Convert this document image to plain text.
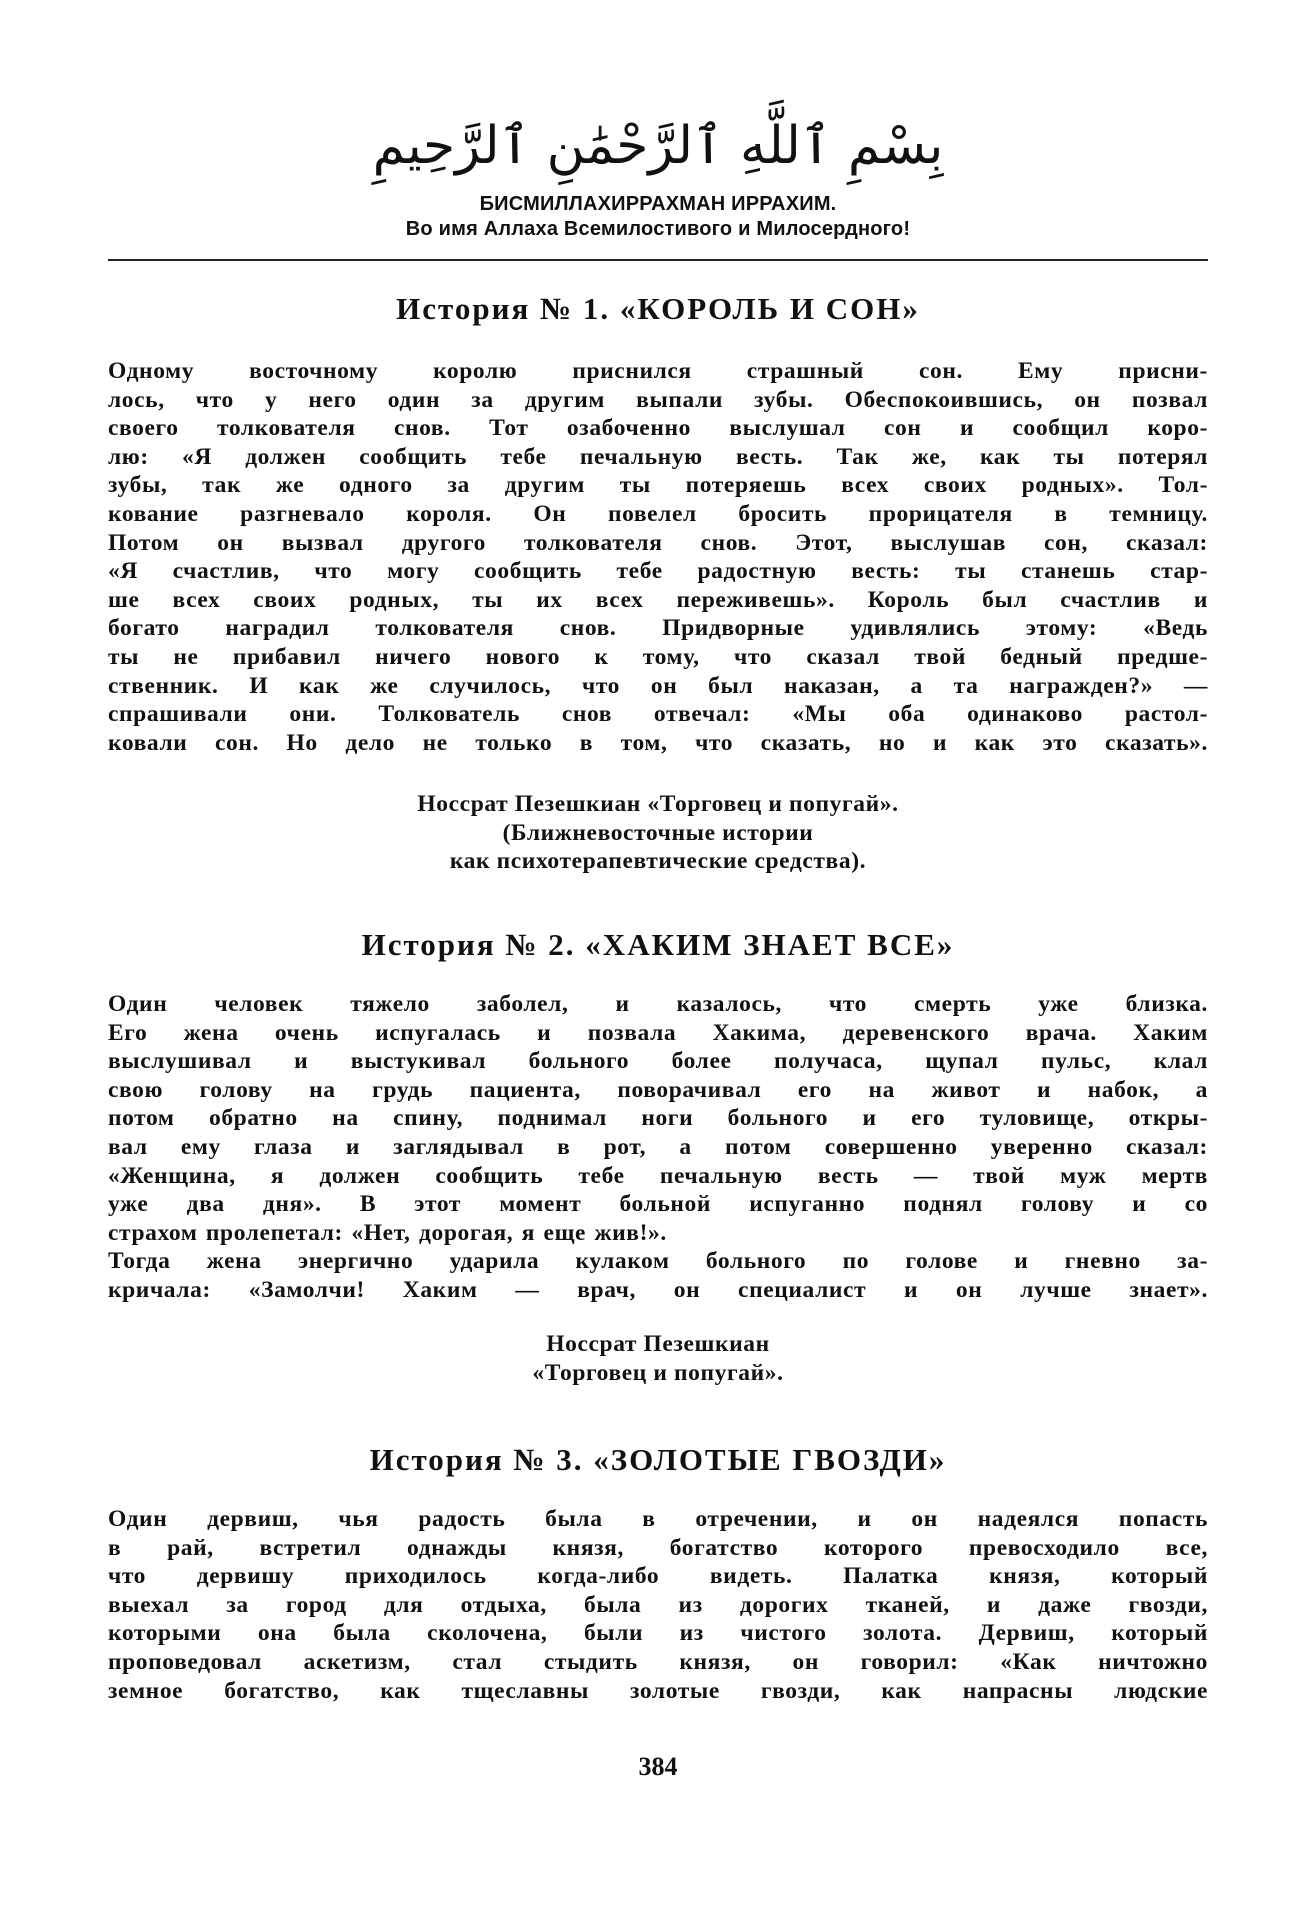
بِسْمِ ٱللَّهِ ٱلرَّحْمَٰنِ ٱلرَّحِيمِ
БИСМИЛЛАХИРРАХМАН ИРРАХИМ.
Во имя Аллаха Всемилостивого и Милосердного!
История № 1. «КОРОЛЬ И СОН»
Одному восточному королю приснился страшный сон. Ему присни-
лось, что у него один за другим выпали зубы. Обеспокоившись, он позвал
своего толкователя снов. Тот озабоченно выслушал сон и сообщил коро-
лю: «Я должен сообщить тебе печальную весть. Так же, как ты потерял
зубы, так же одного за другим ты потеряешь всех своих родных». Тол-
кование разгневало короля. Он повелел бросить прорицателя в темницу.
Потом он вызвал другого толкователя снов. Этот, выслушав сон, сказал:
«Я счастлив, что могу сообщить тебе радостную весть: ты станешь стар-
ше всех своих родных, ты их всех переживешь». Король был счастлив и
богато наградил толкователя снов. Придворные удивлялись этому: «Ведь
ты не прибавил ничего нового к тому, что сказал твой бедный предше-
ственник. И как же случилось, что он был наказан, а та награжден?» —
спрашивали они. Толкователь снов отвечал: «Мы оба одинаково растол-
ковали сон. Но дело не только в том, что сказать, но и как это сказать».
Носсрат Пезешкиан «Торговец и попугай».
(Ближневосточные истории
как психотерапевтические средства).
История № 2. «ХАКИМ ЗНАЕТ ВСЕ»
Один человек тяжело заболел, и казалось, что смерть уже близка.
Его жена очень испугалась и позвала Хакима, деревенского врача. Хаким
выслушивал и выстукивал больного более получаса, щупал пульс, клал
свою голову на грудь пациента, поворачивал его на живот и набок, а
потом обратно на спину, поднимал ноги больного и его туловище, откры-
вал ему глаза и заглядывал в рот, а потом совершенно уверенно сказал:
«Женщина, я должен сообщить тебе печальную весть — твой муж мертв
уже два дня». В этот момент больной испуганно поднял голову и со
страхом пролепетал: «Нет, дорогая, я еще жив!».
Тогда жена энергично ударила кулаком больного по голове и гневно за-
кричала: «Замолчи! Хаким — врач, он специалист и он лучше знает».
Носсрат Пезешкиан
«Торговец и попугай».
История № 3. «ЗОЛОТЫЕ ГВОЗДИ»
Один дервиш, чья радость была в отречении, и он надеялся попасть
в рай, встретил однажды князя, богатство которого превосходило все,
что дервишу приходилось когда-либо видеть. Палатка князя, который
выехал за город для отдыха, была из дорогих тканей, и даже гвозди,
которыми она была сколочена, были из чистого золота. Дервиш, который
проповедовал аскетизм, стал стыдить князя, он говорил: «Как ничтожно
земное богатство, как тщеславны золотые гвозди, как напрасны людские
384
